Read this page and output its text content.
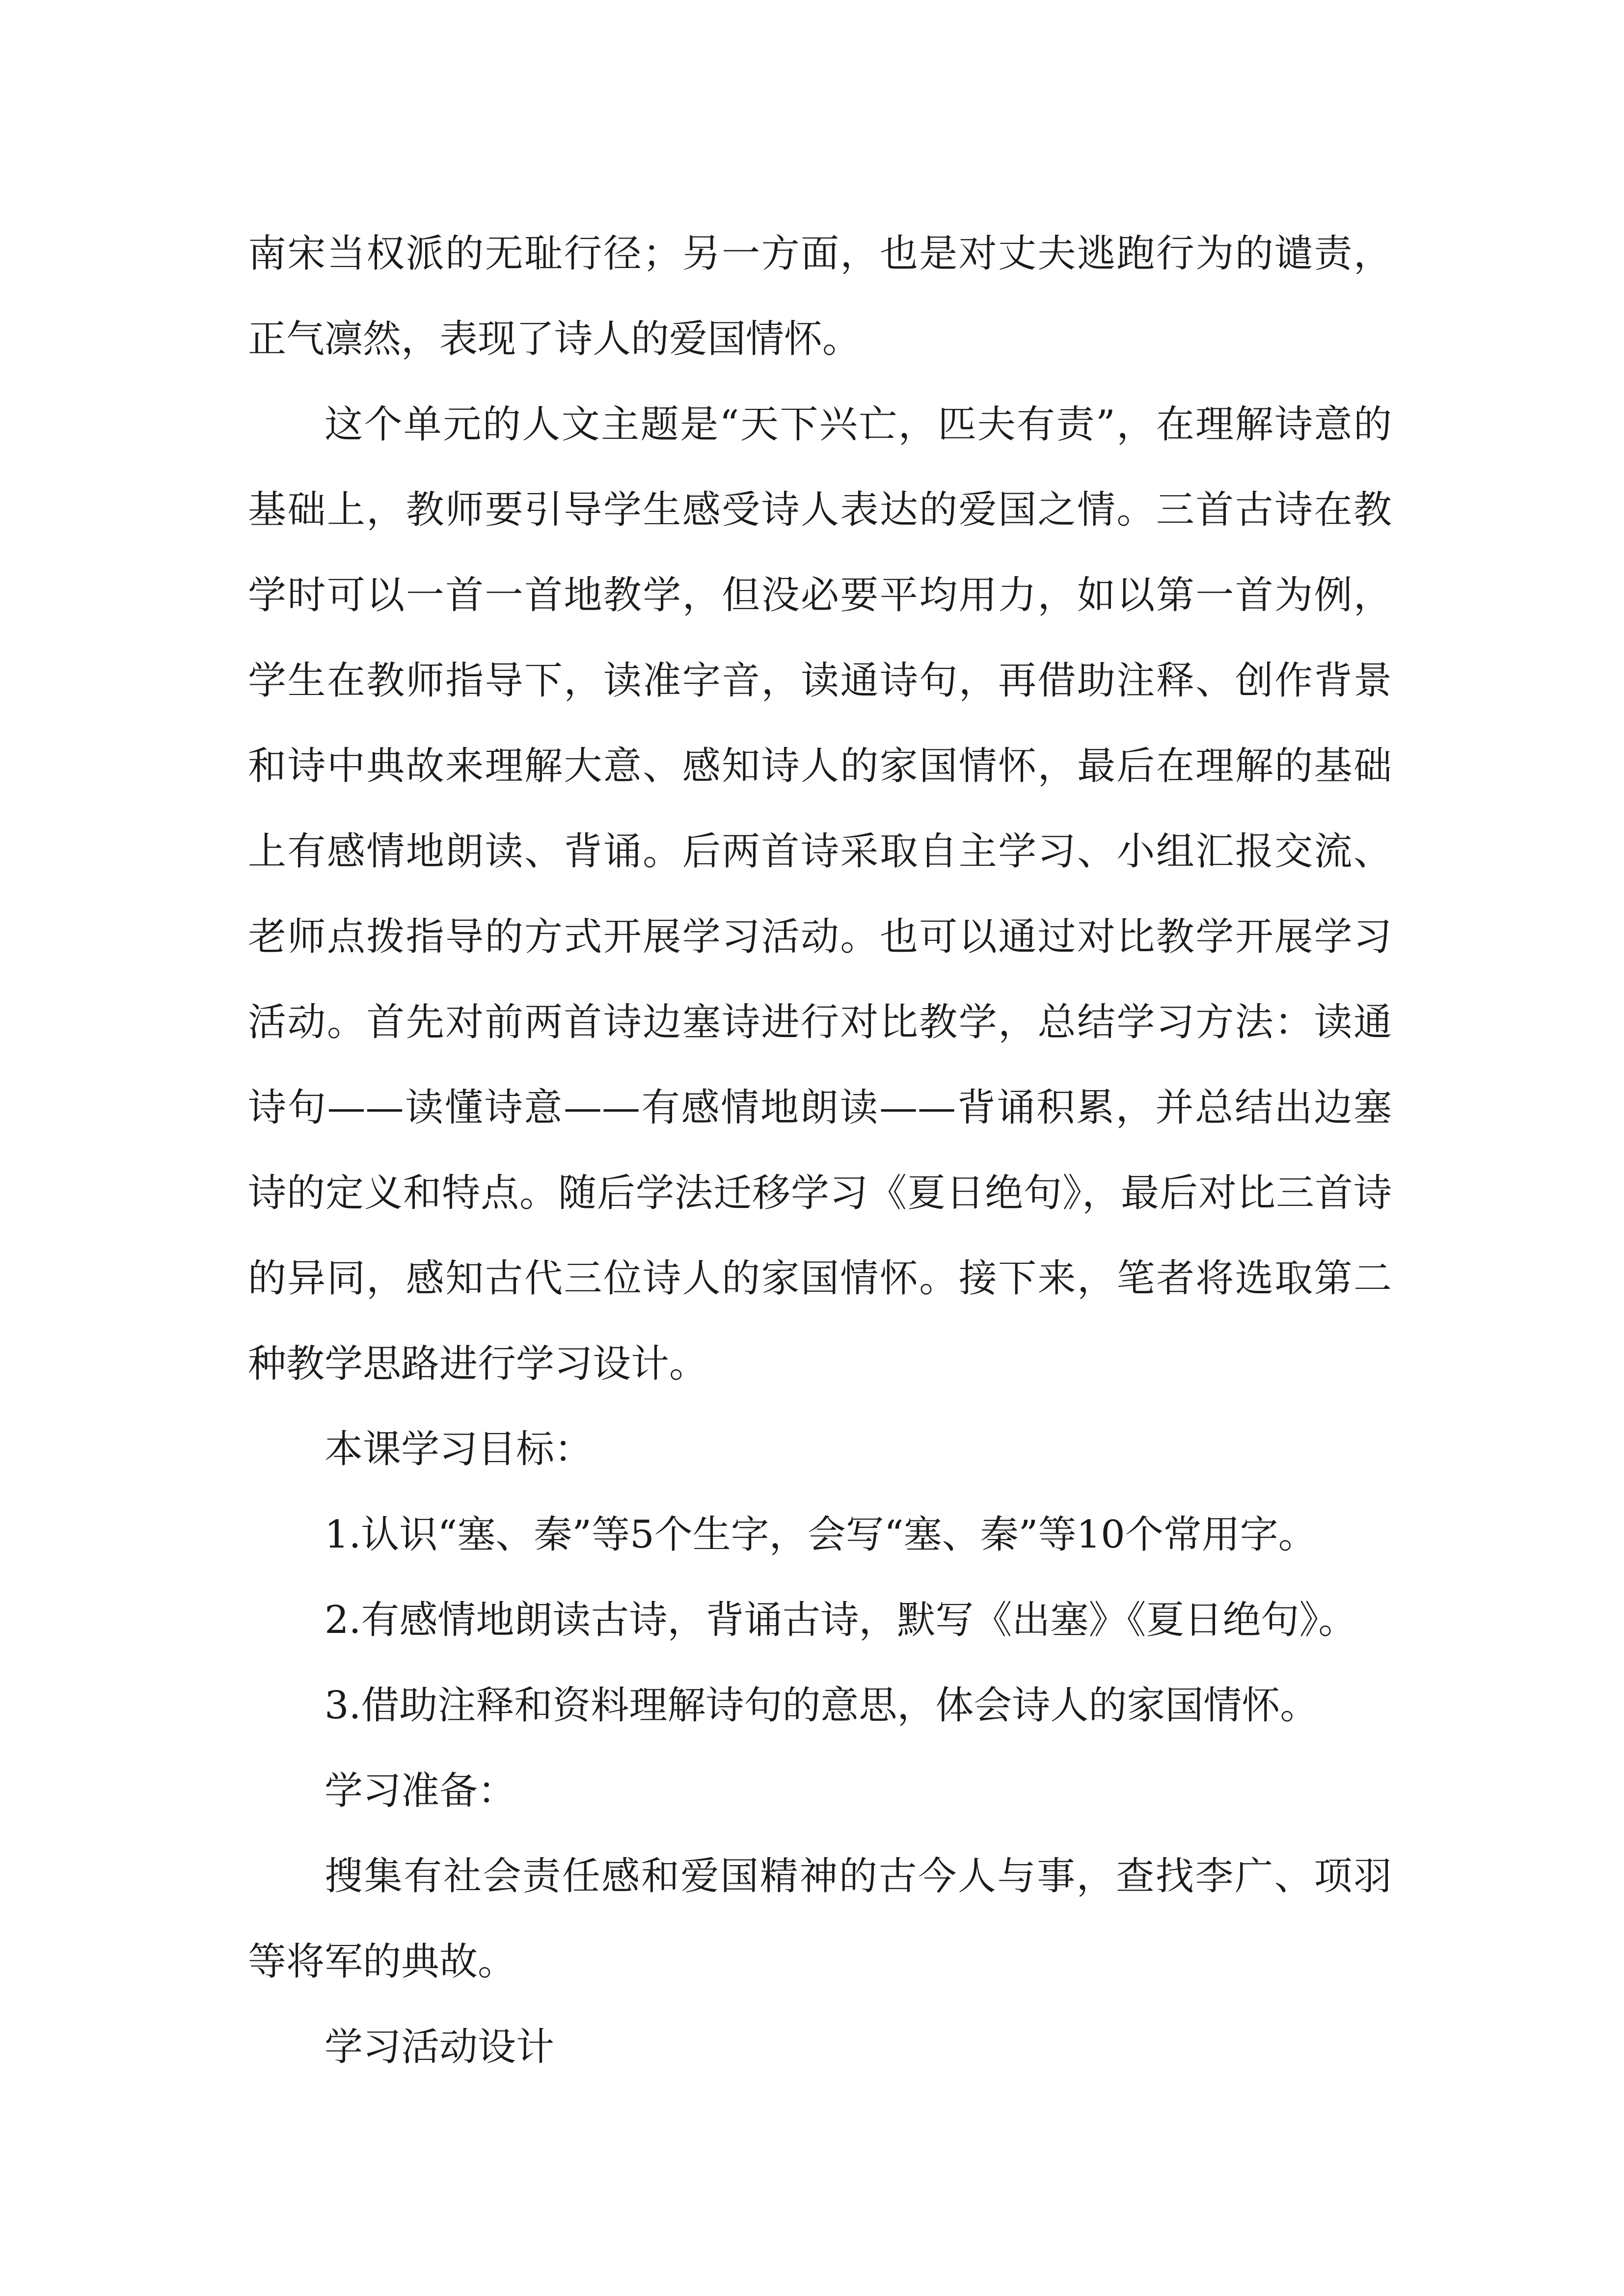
南宋当权派的无耻行径；另一方面，也是对丈夫逃跑行为的谴责，正气凛然，表现了诗人的爱国情怀。

这个单元的人文主题是“天下兴亡，匹夫有责”，在理解诗意的基础上，教师要引导学生感受诗人表达的爱国之情。三首古诗在教学时可以一首一首地教学，但没必要平均用力，如以第一首为例，学生在教师指导下，读准字音，读通诗句，再借助注释、创作背景和诗中典故来理解大意、感知诗人的家国情怀，最后在理解的基础上有感情地朗读、背诵。后两首诗采取自主学习、小组汇报交流、老师点拨指导的方式开展学习活动。也可以通过对比教学开展学习活动。首先对前两首诗边塞诗进行对比教学，总结学习方法：读通诗句——读懂诗意——有感情地朗读——背诵积累，并总结出边塞诗的定义和特点。随后学法迁移学习《夏日绝句》，最后对比三首诗的异同，感知古代三位诗人的家国情怀。接下来，笔者将选取第二种教学思路进行学习设计。

本课学习目标：

1.认识“塞、秦”等5个生字，会写“塞、秦”等10个常用字。

2.有感情地朗读古诗，背诵古诗，默写《出塞》《夏日绝句》。

3.借助注释和资料理解诗句的意思，体会诗人的家国情怀。

学习准备：

搜集有社会责任感和爱国精神的古今人与事，查找李广、项羽等将军的典故。

学习活动设计
